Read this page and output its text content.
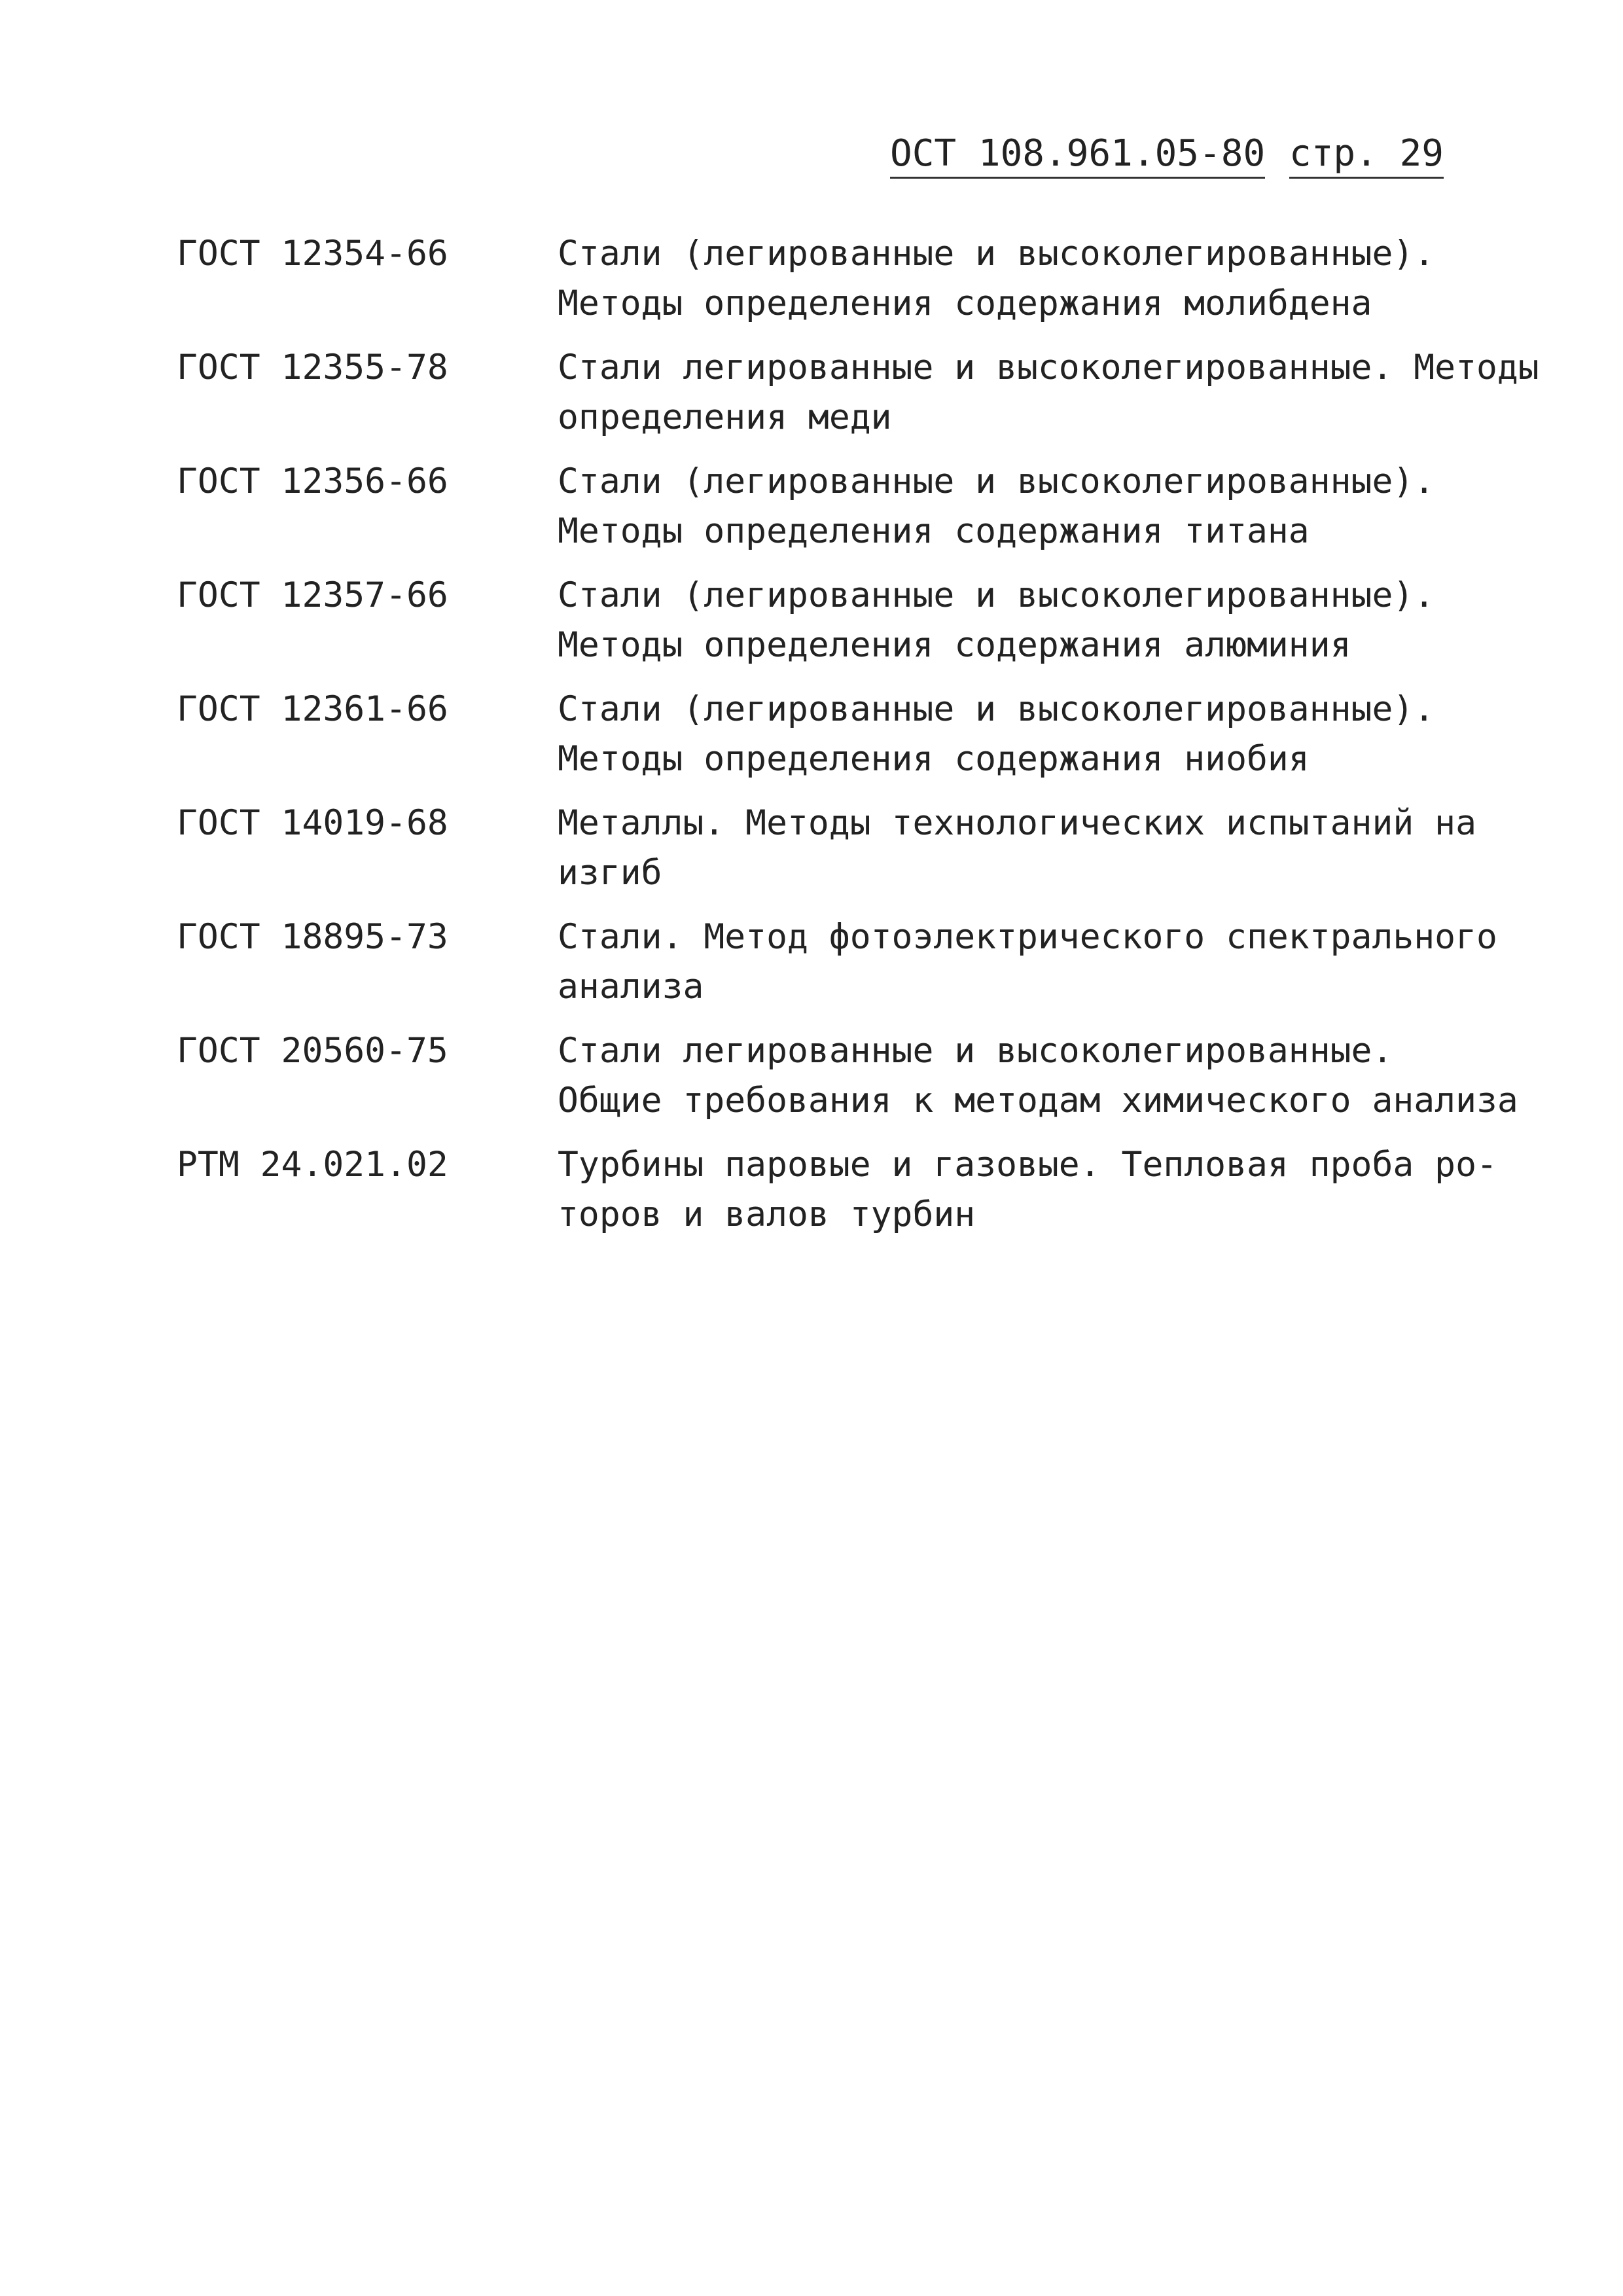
ОСТ 108.961.05-80 стр. 29
ГОСТ 12354-66	Стали (легированные и высоколегированные).
Методы определения содержания молибдена
ГОСТ 12355-78	Стали легированные и высоколегированные. Методы
определения меди
ГОСТ 12356-66	Стали (легированные и высоколегированные).
Методы определения содержания титана
ГОСТ 12357-66	Стали (легированные и высоколегированные).
Методы определения содержания алюминия
ГОСТ 12361-66	Стали (легированные и высоколегированные).
Методы определения содержания ниобия
ГОСТ 14019-68	Металлы. Методы технологических испытаний на
изгиб
ГОСТ 18895-73	Стали. Метод фотоэлектрического спектрального
анализа
ГОСТ 20560-75	Стали легированные и высоколегированные.
Общие требования к методам химического анализа
РТМ 24.021.02	Турбины паровые и газовые. Тепловая проба ро-
торов и валов турбин
